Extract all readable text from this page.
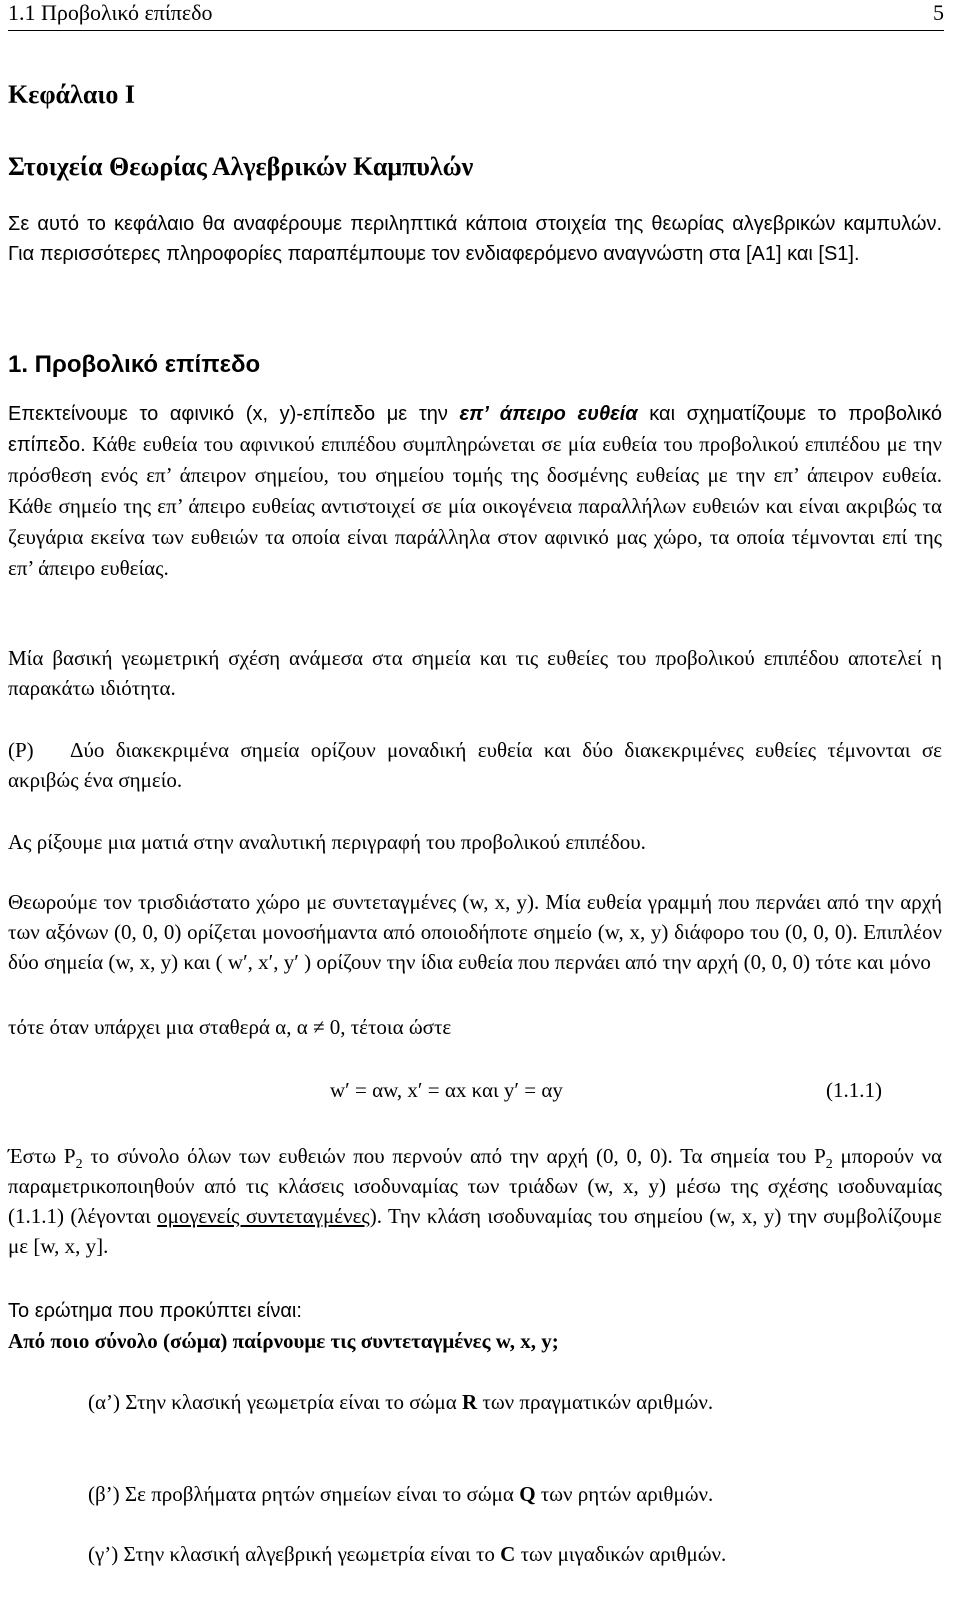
1.1 Προβολικό επίπεδο	5
Κεφάλαιο Ι
Στοιχεία Θεωρίας Αλγεβρικών Καμπυλών
Σε αυτό το κεφάλαιο θα αναφέρουμε περιληπτικά κάποια στοιχεία της θεωρίας αλγεβρικών καμπυλών. Για περισσότερες πληροφορίες παραπέμπουμε τον ενδιαφερόμενο αναγνώστη στα [Α1] και [S1].
1. Προβολικό επίπεδο
Επεκτείνουμε το αφινικό (x, y)-επίπεδο με την επ’ άπειρο ευθεία και σχηματίζουμε το προβολικό επίπεδο. Κάθε ευθεία του αφινικού επιπέδου συμπληρώνεται σε μία ευθεία του προβολικού επιπέδου με την πρόσθεση ενός επ’ άπειρον σημείου, του σημείου τομής της δοσμένης ευθείας με την επ’ άπειρον ευθεία. Κάθε σημείο της επ’ άπειρο ευθείας αντιστοιχεί σε μία οικογένεια παραλλήλων ευθειών και είναι ακριβώς τα ζευγάρια εκείνα των ευθειών τα οποία είναι παράλληλα στον αφινικό μας χώρο, τα οποία τέμνονται επί της επ’ άπειρο ευθείας.
Μία βασική γεωμετρική σχέση ανάμεσα στα σημεία και τις ευθείες του προβολικού επιπέδου αποτελεί η παρακάτω ιδιότητα.
(P) Δύο διακεκριμένα σημεία ορίζουν μοναδική ευθεία και δύο διακεκριμένες ευθείες τέμνονται σε ακριβώς ένα σημείο.
Ας ρίξουμε μια ματιά στην αναλυτική περιγραφή του προβολικού επιπέδου.
Θεωρούμε τον τρισδιάστατο χώρο με συντεταγμένες (w, x, y). Μία ευθεία γραμμή που περνάει από την αρχή των αξόνων (0, 0, 0) ορίζεται μονοσήμαντα από οποιοδήποτε σημείο (w, x, y) διάφορο του (0, 0, 0). Επιπλέον δύο σημεία (w, x, y) και ( w′, x′, y′ ) ορίζουν την ίδια ευθεία που περνάει από την αρχή (0, 0, 0) τότε και μόνο
τότε όταν υπάρχει μια σταθερά α, α ≠ 0, τέτοια ώστε
w′ = αw, x′ = αx και y′ = αy	(1.1.1)
Έστω $P_2$ το σύνολο όλων των ευθειών που περνούν από την αρχή (0, 0, 0). Τα σημεία του $P_2$ μπορούν να παραμετρικοποιηθούν από τις κλάσεις ισοδυναμίας των τριάδων (w, x, y) μέσω της σχέσης ισοδυναμίας (1.1.1) (λέγονται ομογενείς συντεταγμένες). Την κλάση ισοδυναμίας του σημείου (w, x, y) την συμβολίζουμε με [w, x, y].
Το ερώτημα που προκύπτει είναι:
Από ποιο σύνολο (σώμα) παίρνουμε τις συντεταγμένες w, x, y;
(α’) Στην κλασική γεωμετρία είναι το σώμα R των πραγματικών αριθμών.
(β’) Σε προβλήματα ρητών σημείων είναι το σώμα Q των ρητών αριθμών.
(γ’) Στην κλασική αλγεβρική γεωμετρία είναι το C των μιγαδικών αριθμών.
